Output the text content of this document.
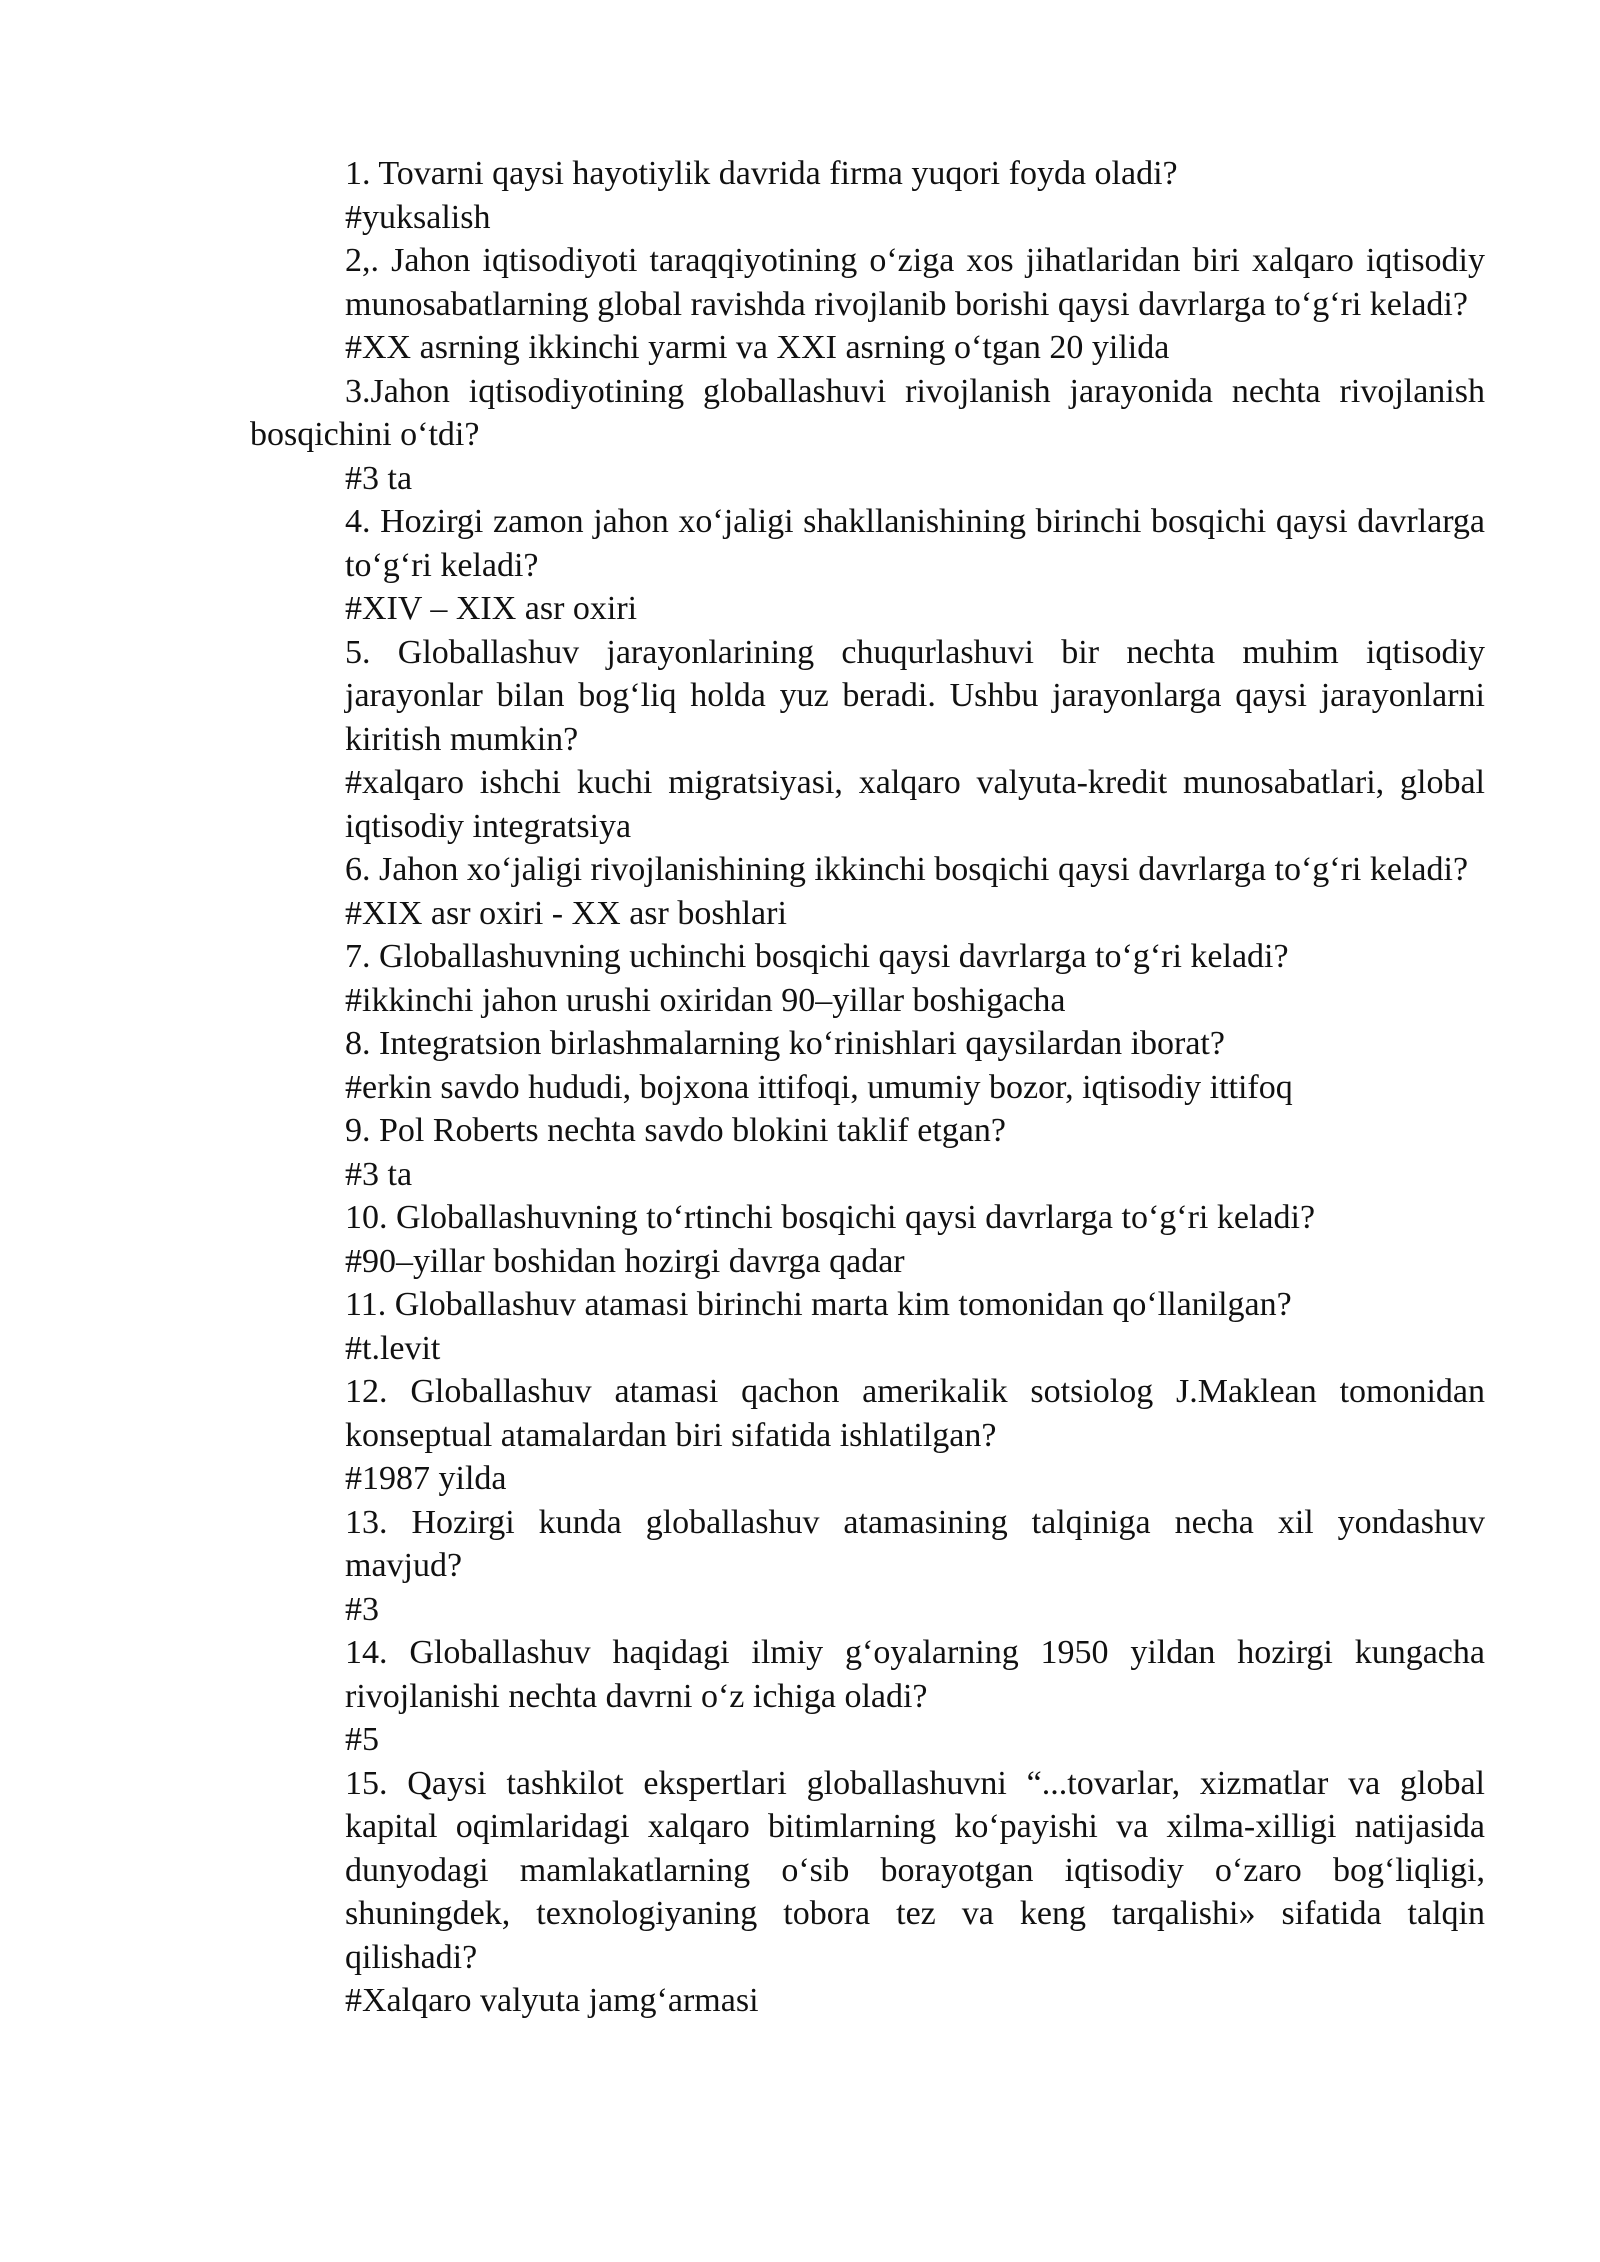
1. Tovarni qaysi hayotiylik davrida firma yuqori foyda oladi?

#yuksalish

2,. Jahon iqtisodiyoti taraqqiyotining o‘ziga xos jihatlaridan biri xalqaro iqtisodiy munosabatlarning global ravishda rivojlanib borishi qaysi davrlarga to‘g‘ri keladi?

#XX asrning ikkinchi yarmi va XXI asrning o‘tgan 20 yilida

3.Jahon iqtisodiyotining globallashuvi rivojlanish jarayonida nechta rivojlanish bosqichini o‘tdi?

#3 ta

4. Hozirgi zamon jahon xo‘jaligi shakllanishining birinchi bosqichi qaysi davrlarga to‘g‘ri keladi?

#XIV – XIX asr oxiri

5. Globallashuv jarayonlarining chuqurlashuvi bir nechta muhim iqtisodiy jarayonlar bilan bog‘liq holda yuz beradi. Ushbu jarayonlarga qaysi jarayonlarni kiritish mumkin?

#xalqaro ishchi kuchi migratsiyasi, xalqaro valyuta-kredit munosabatlari, global iqtisodiy integratsiya

6. Jahon xo‘jaligi rivojlanishining ikkinchi bosqichi qaysi davrlarga to‘g‘ri keladi?

#XIX asr oxiri - XX asr boshlari

7. Globallashuvning uchinchi bosqichi qaysi davrlarga to‘g‘ri keladi?

#ikkinchi jahon urushi oxiridan 90–yillar boshigacha

8. Integratsion birlashmalarning ko‘rinishlari qaysilardan iborat?

#erkin savdo hududi, bojxona ittifoqi, umumiy bozor, iqtisodiy ittifoq

9. Pol Roberts nechta savdo blokini taklif etgan?

#3 ta

10. Globallashuvning to‘rtinchi bosqichi qaysi davrlarga to‘g‘ri keladi?

#90–yillar boshidan hozirgi davrga qadar

11. Globallashuv atamasi birinchi marta kim tomonidan qo‘llanilgan?

#t.levit

12. Globallashuv atamasi qachon amerikalik sotsiolog J.Maklean tomonidan konseptual atamalardan biri sifatida ishlatilgan?

#1987 yilda

13. Hozirgi kunda globallashuv atamasining talqiniga necha xil yondashuv mavjud?

#3

14. Globallashuv haqidagi ilmiy g‘oyalarning 1950 yildan hozirgi kungacha rivojlanishi nechta davrni o‘z ichiga oladi?

#5

15. Qaysi tashkilot ekspertlari globallashuvni “...tovarlar, xizmatlar va global kapital oqimlaridagi xalqaro bitimlarning ko‘payishi va xilma-xilligi natijasida dunyodagi mamlakatlarning o‘sib borayotgan iqtisodiy o‘zaro bog‘liqligi, shuningdek, texnologiyaning tobora tez va keng tarqalishi» sifatida talqin qilishadi?

#Xalqaro valyuta jamg‘armasi
